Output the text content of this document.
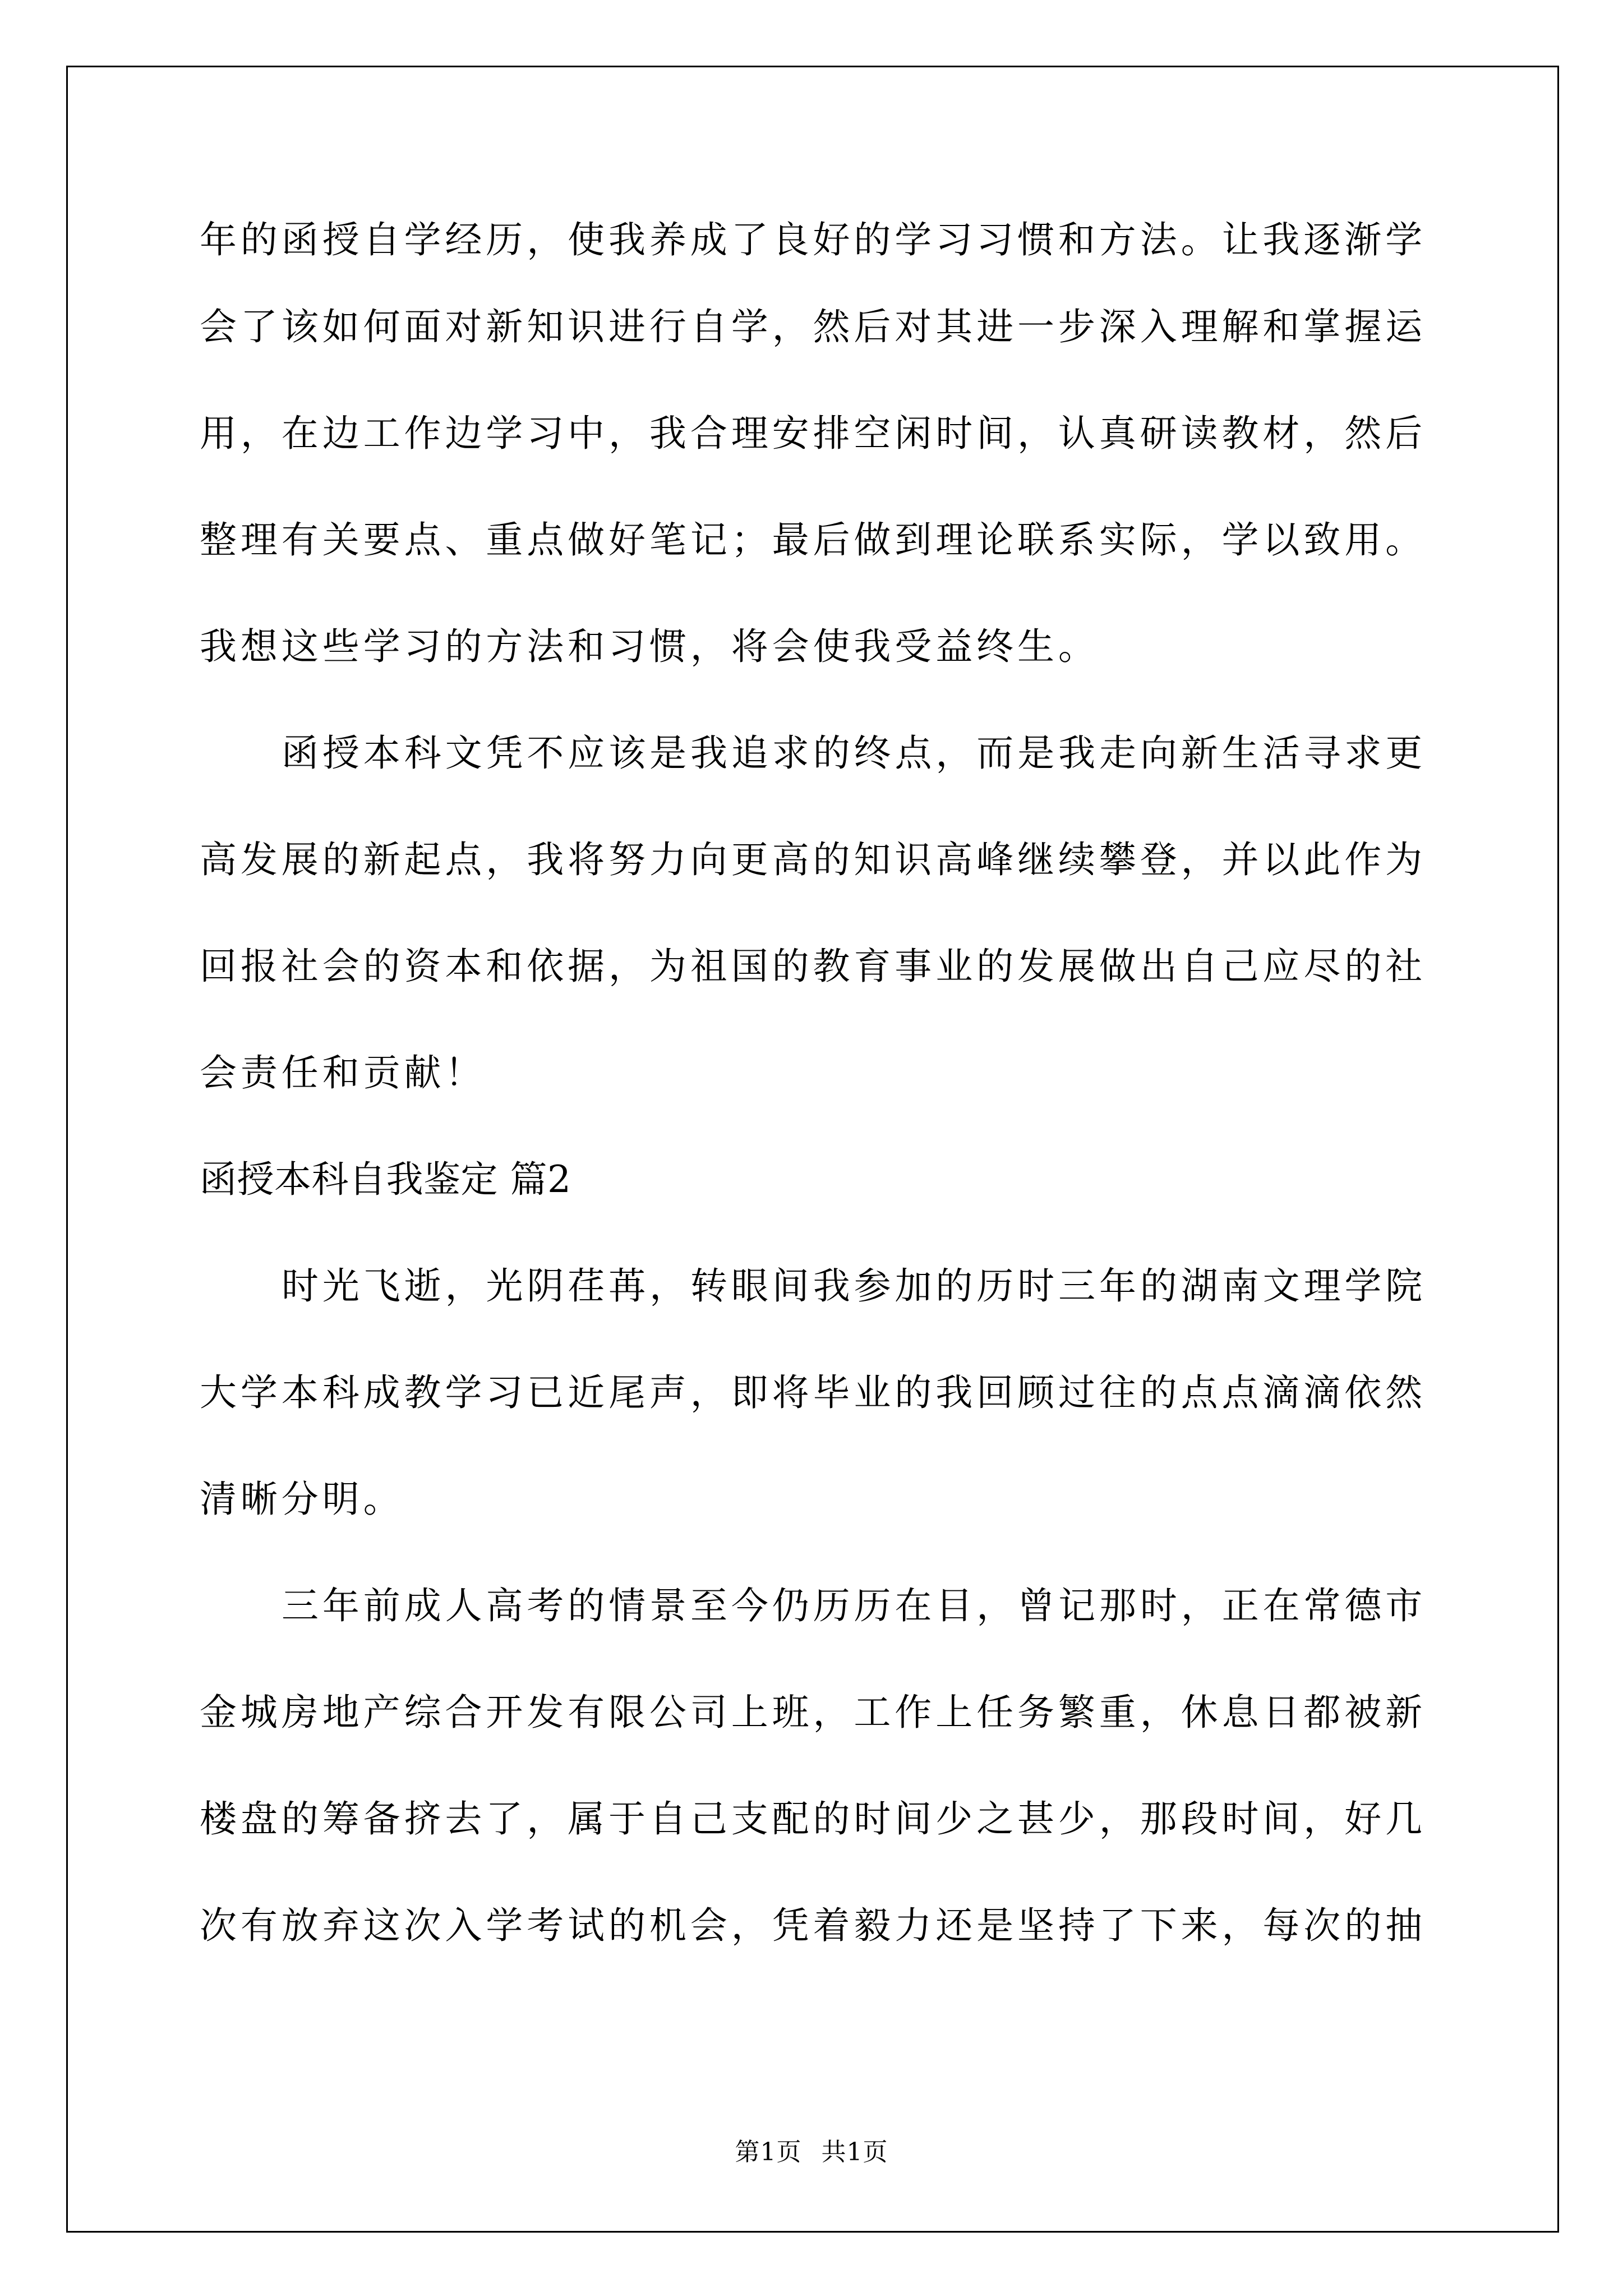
年的函授自学经历，使我养成了良好的学习习惯和方法。让我逐渐学
会了该如何面对新知识进行自学，然后对其进一步深入理解和掌握运
用，在边工作边学习中，我合理安排空闲时间，认真研读教材，然后
整理有关要点、重点做好笔记；最后做到理论联系实际，学以致用。
我想这些学习的方法和习惯，将会使我受益终生。
函授本科文凭不应该是我追求的终点，而是我走向新生活寻求更
高发展的新起点，我将努力向更高的知识高峰继续攀登，并以此作为
回报社会的资本和依据，为祖国的教育事业的发展做出自己应尽的社
会责任和贡献！
函授本科自我鉴定 篇2
时光飞逝，光阴荏苒，转眼间我参加的历时三年的湖南文理学院
大学本科成教学习已近尾声，即将毕业的我回顾过往的点点滴滴依然
清晰分明。
三年前成人高考的情景至今仍历历在目，曾记那时，正在常德市
金城房地产综合开发有限公司上班，工作上任务繁重，休息日都被新
楼盘的筹备挤去了，属于自己支配的时间少之甚少，那段时间，好几
次有放弃这次入学考试的机会，凭着毅力还是坚持了下来，每次的抽
第1页 共1页
